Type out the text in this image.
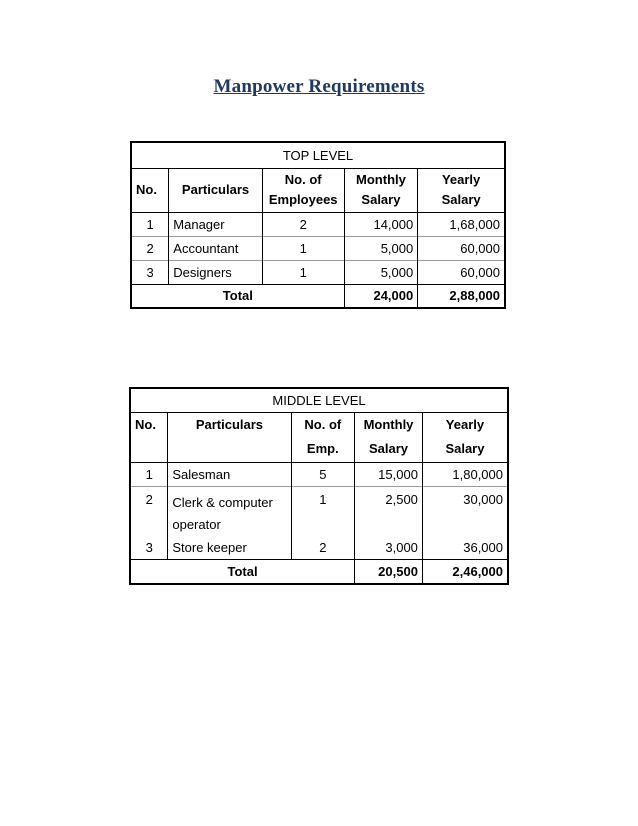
Manpower Requirements
TOP LEVEL				
No.	Particulars	No. of Employees	Monthly Salary	Yearly Salary
1	Manager	2	14,000	1,68,000
2	Accountant	1	5,000	60,000
3	Designers	1	5,000	60,000
Total			24,000	2,88,000
MIDDLE LEVEL				
No.	Particulars	No. of Emp.	Monthly Salary	Yearly Salary
1	Salesman	5	15,000	1,80,000
2	Clerk & computer operator	1	2,500	30,000
3	Store keeper	2	3,000	36,000
Total			20,500	2,46,000
